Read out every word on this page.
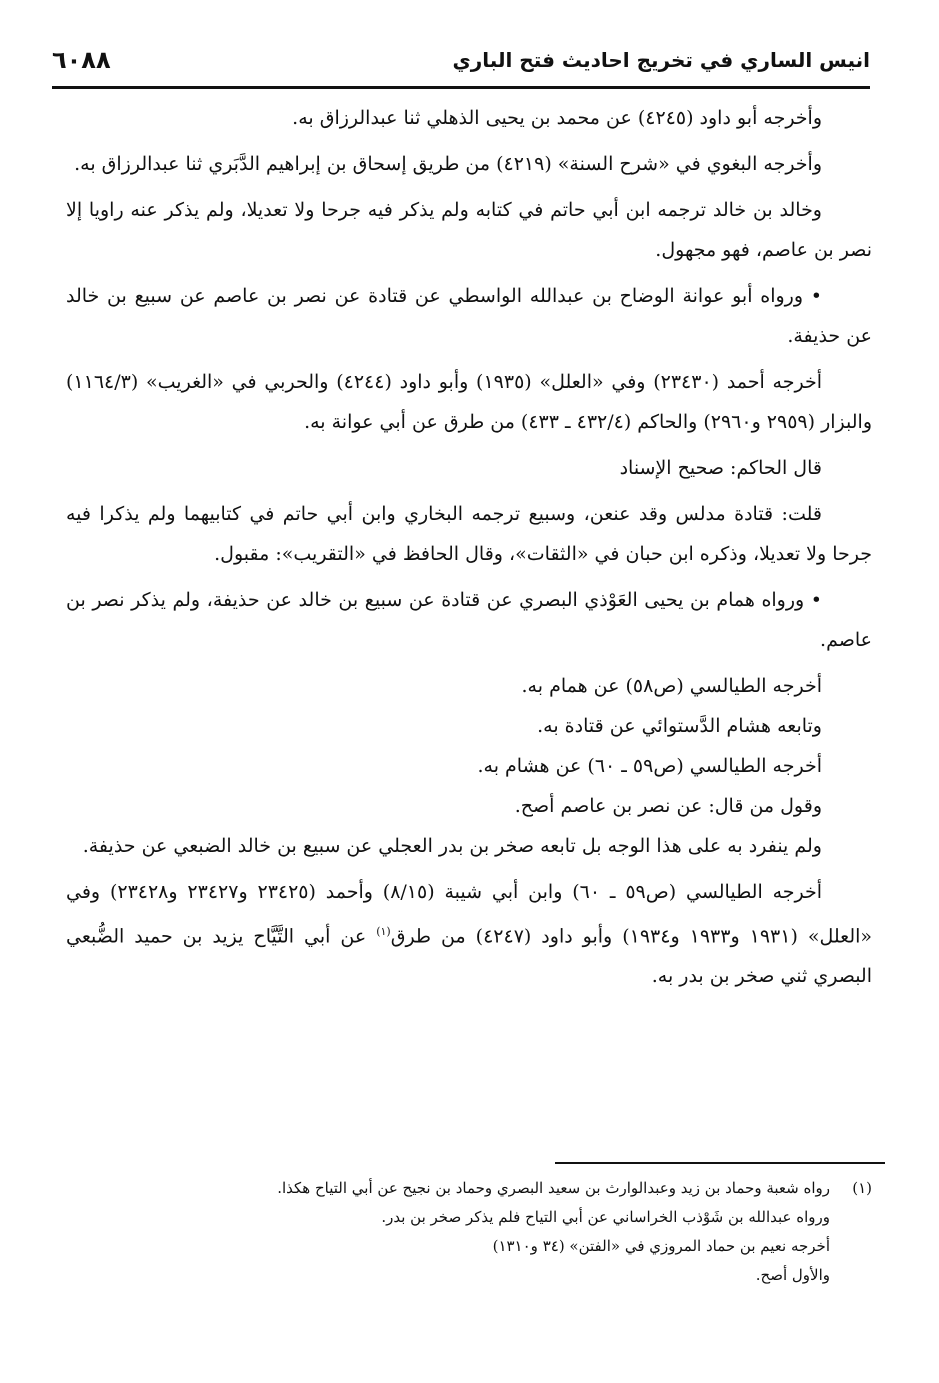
انيس الساري في تخريج احاديث فتح الباري
٦٠٨٨

وأخرجه أبو داود (٤٢٤٥) عن محمد بن يحيى الذهلي ثنا عبدالرزاق به.

وأخرجه البغوي في «شرح السنة» (٤٢١٩) من طريق إسحاق بن إبراهيم الدَّبَري ثنا عبدالرزاق به.

وخالد بن خالد ترجمه ابن أبي حاتم في كتابه ولم يذكر فيه جرحا ولا تعديلا، ولم يذكر عنه راويا إلا نصر بن عاصم، فهو مجهول.

• ورواه أبو عوانة الوضاح بن عبدالله الواسطي عن قتادة عن نصر بن عاصم عن سبيع بن خالد عن حذيفة.

أخرجه أحمد (٢٣٤٣٠) وفي «العلل» (١٩٣٥) وأبو داود (٤٢٤٤) والحربي في «الغريب» (١١٦٤/٣) والبزار (٢٩٥٩ و٢٩٦٠) والحاكم (٤٣٢/٤ ـ ٤٣٣) من طرق عن أبي عوانة به.

قال الحاكم: صحيح الإسناد

قلت: قتادة مدلس وقد عنعن، وسبيع ترجمه البخاري وابن أبي حاتم في كتابيهما ولم يذكرا فيه جرحا ولا تعديلا، وذكره ابن حبان في «الثقات»، وقال الحافظ في «التقريب»: مقبول.

• ورواه همام بن يحيى العَوْذي البصري عن قتادة عن سبيع بن خالد عن حذيفة، ولم يذكر نصر بن عاصم.

أخرجه الطيالسي (ص٥٨) عن همام به.

وتابعه هشام الدَّستوائي عن قتادة به.

أخرجه الطيالسي (ص٥٩ ـ ٦٠) عن هشام به.

وقول من قال: عن نصر بن عاصم أصح.

ولم ينفرد به على هذا الوجه بل تابعه صخر بن بدر العجلي عن سبيع بن خالد الضبعي عن حذيفة.

أخرجه الطيالسي (ص٥٩ ـ ٦٠) وابن أبي شيبة (٨/١٥) وأحمد (٢٣٤٢٥ و٢٣٤٢٧ و٢٣٤٢٨) وفي «العلل» (١٩٣١ و١٩٣٣ و١٩٣٤) وأبو داود (٤٢٤٧) من طرق$^{(١)}$ عن أبي التَّيَّاح يزيد بن حميد الضُّبعي البصري ثني صخر بن بدر به.

(١)
رواه شعبة وحماد بن زيد وعبدالوارث بن سعيد البصري وحماد بن نجيح عن أبي التياح هكذا.
ورواه عبدالله بن شَوْذب الخراساني عن أبي التياح فلم يذكر صخر بن بدر.
أخرجه نعيم بن حماد المروزي في «الفتن» (٣٤ و١٣١٠)
والأول أصح.
